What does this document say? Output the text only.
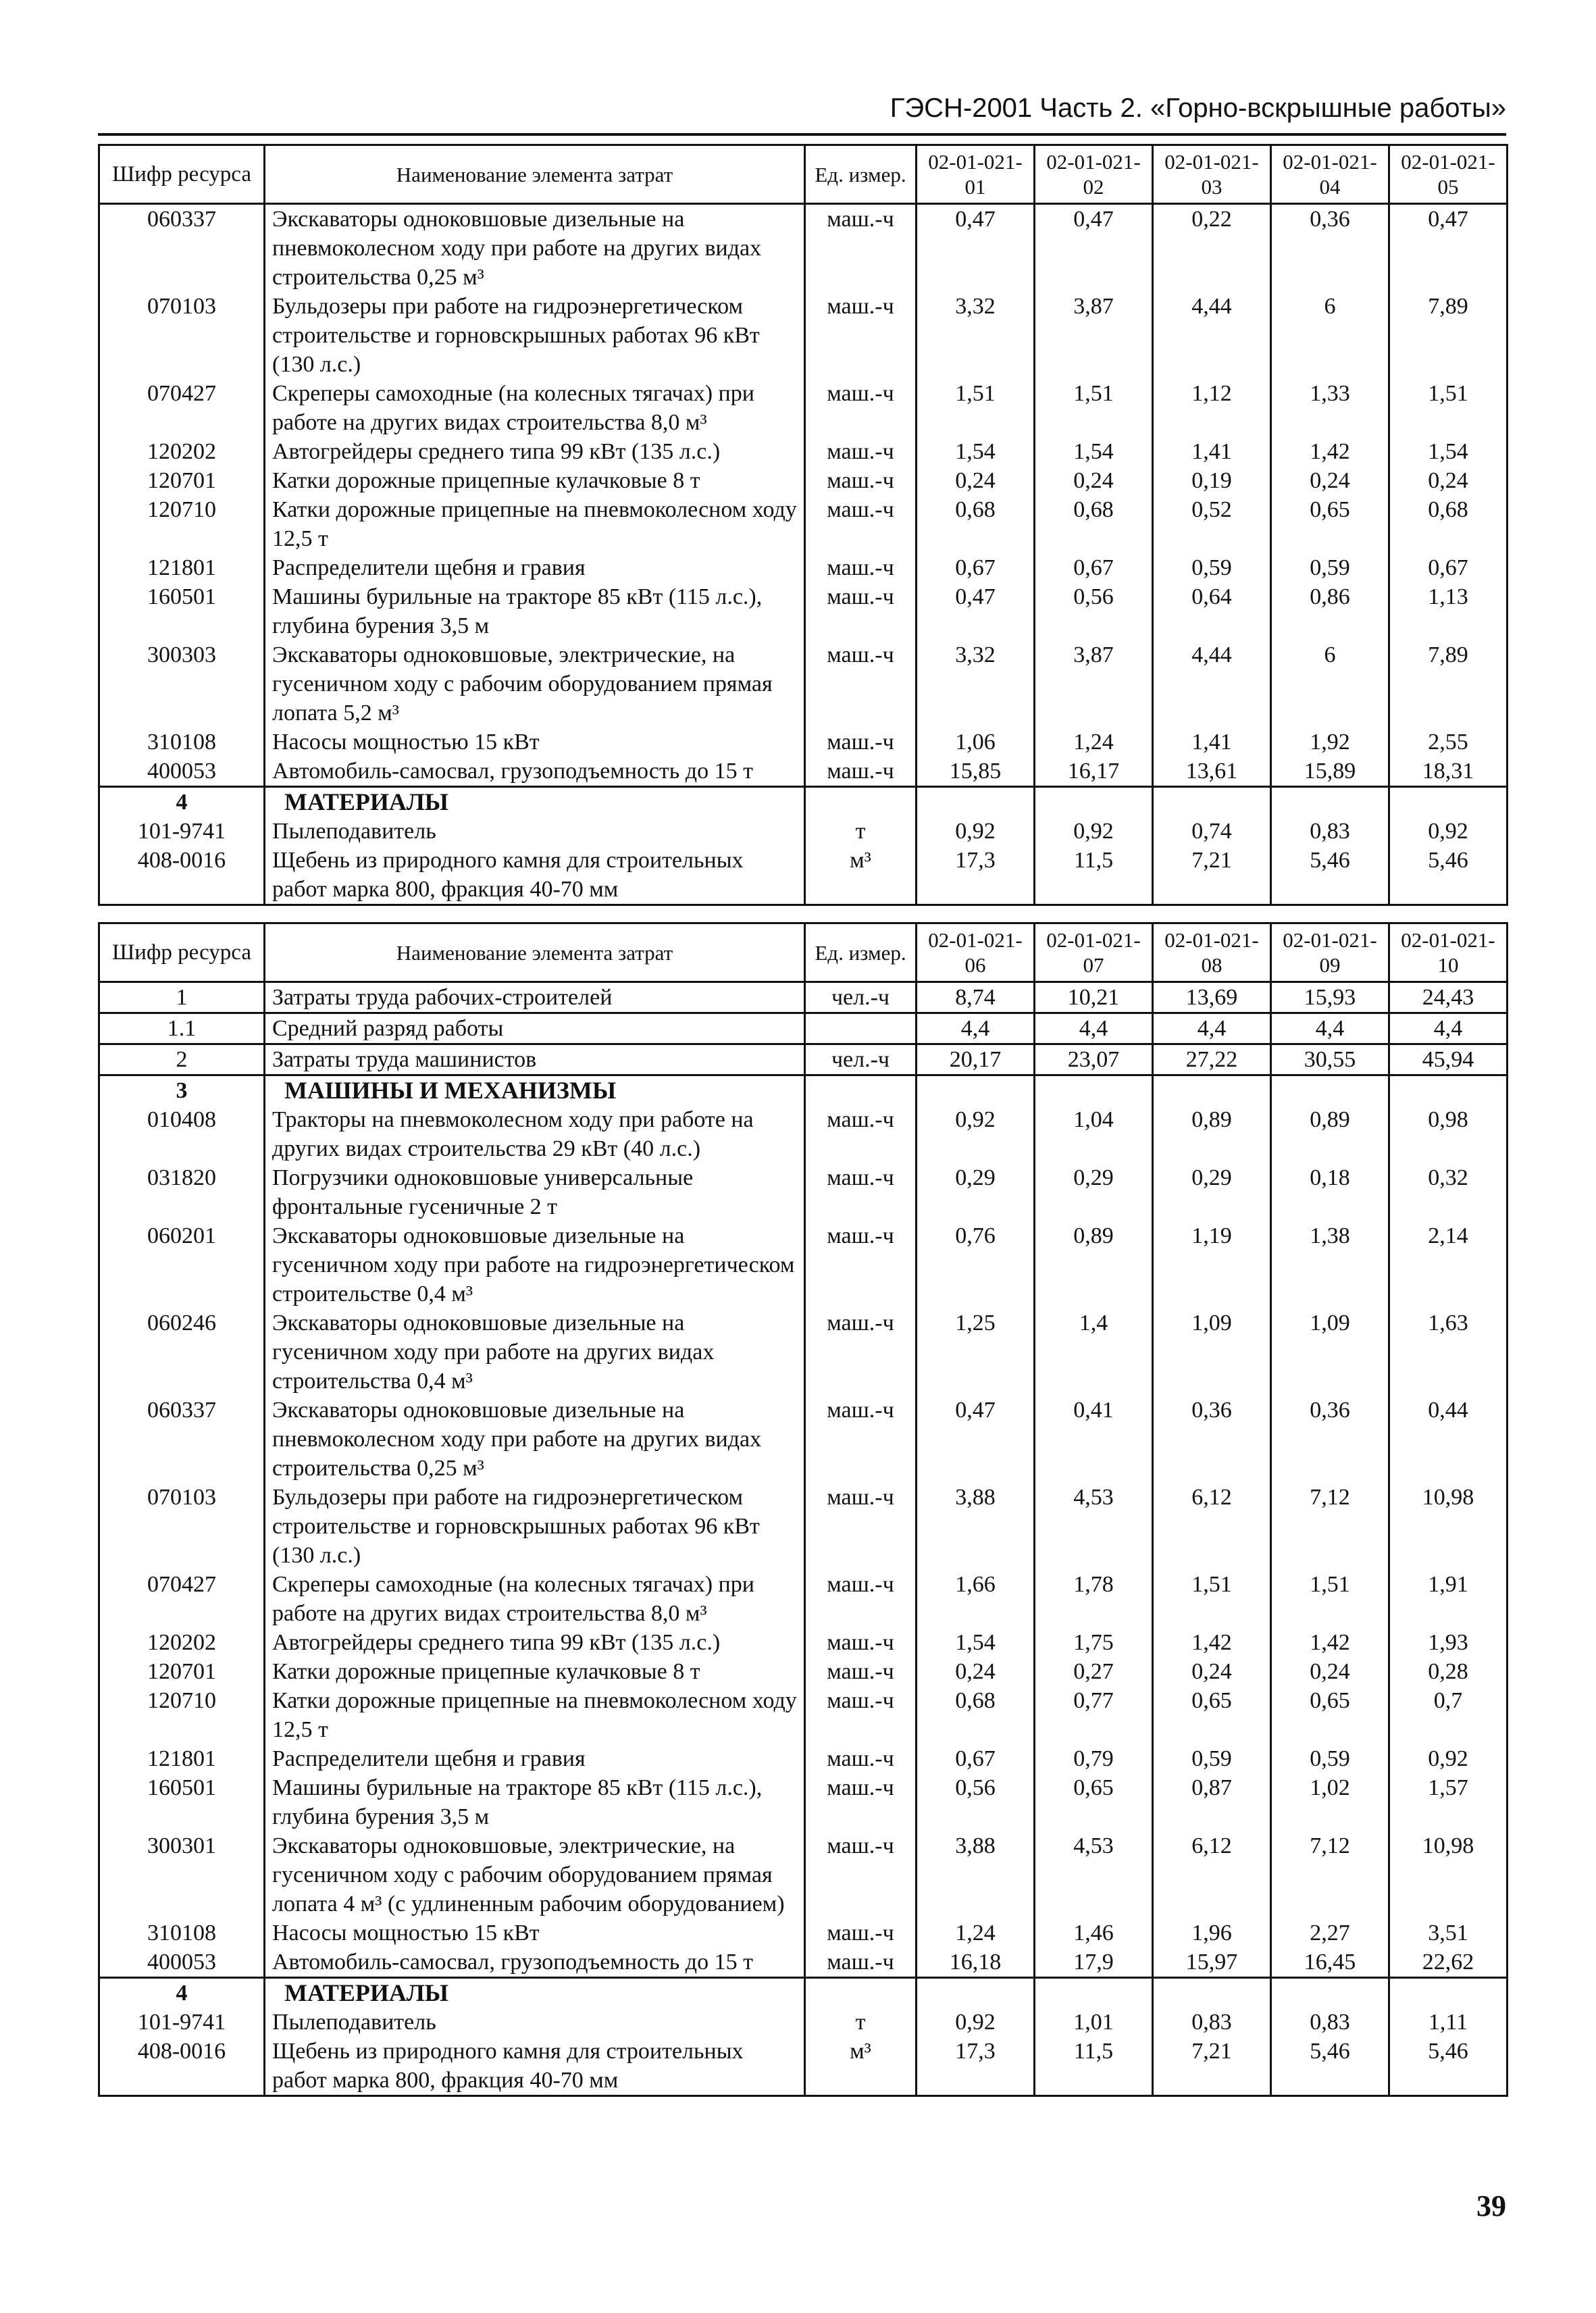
ГЭСН-2001 Часть 2. «Горно-вскрышные работы»
Шифр ресурса	Наименование элемента затрат	Ед. измер.	02-01-021-01	02-01-021-02	02-01-021-03	02-01-021-04	02-01-021-05
060337	Экскаваторы одноковшовые дизельные на пневмоколесном ходу при работе на других видах строительства 0,25 м³	маш.-ч	0,47	0,47	0,22	0,36	0,47
070103	Бульдозеры при работе на гидроэнергетическом строительстве и горновскрышных работах 96 кВт (130 л.с.)	маш.-ч	3,32	3,87	4,44	6	7,89
070427	Скреперы самоходные (на колесных тягачах) при работе на других видах строительства 8,0 м³	маш.-ч	1,51	1,51	1,12	1,33	1,51
120202	Автогрейдеры среднего типа 99 кВт (135 л.с.)	маш.-ч	1,54	1,54	1,41	1,42	1,54
120701	Катки дорожные прицепные кулачковые 8 т	маш.-ч	0,24	0,24	0,19	0,24	0,24
120710	Катки дорожные прицепные на пневмоколесном ходу 12,5 т	маш.-ч	0,68	0,68	0,52	0,65	0,68
121801	Распределители щебня и гравия	маш.-ч	0,67	0,67	0,59	0,59	0,67
160501	Машины бурильные на тракторе 85 кВт (115 л.с.), глубина бурения 3,5 м	маш.-ч	0,47	0,56	0,64	0,86	1,13
300303	Экскаваторы одноковшовые, электрические, на гусеничном ходу с рабочим оборудованием прямая лопата 5,2 м³	маш.-ч	3,32	3,87	4,44	6	7,89
310108	Насосы мощностью 15 кВт	маш.-ч	1,06	1,24	1,41	1,92	2,55
400053	Автомобиль-самосвал, грузоподъемность до 15 т	маш.-ч	15,85	16,17	13,61	15,89	18,31
4	МАТЕРИАЛЫ						
101-9741	Пылеподавитель	т	0,92	0,92	0,74	0,83	0,92
408-0016	Щебень из природного камня для строительных работ марка 800, фракция 40-70 мм	м³	17,3	11,5	7,21	5,46	5,46
Шифр ресурса	Наименование элемента затрат	Ед. измер.	02-01-021-06	02-01-021-07	02-01-021-08	02-01-021-09	02-01-021-10
1	Затраты труда рабочих-строителей	чел.-ч	8,74	10,21	13,69	15,93	24,43
1.1	Средний разряд работы		4,4	4,4	4,4	4,4	4,4
2	Затраты труда машинистов	чел.-ч	20,17	23,07	27,22	30,55	45,94
3	МАШИНЫ И МЕХАНИЗМЫ						
010408	Тракторы на пневмоколесном ходу при работе на других видах строительства 29 кВт (40 л.с.)	маш.-ч	0,92	1,04	0,89	0,89	0,98
031820	Погрузчики одноковшовые универсальные фронтальные гусеничные 2 т	маш.-ч	0,29	0,29	0,29	0,18	0,32
060201	Экскаваторы одноковшовые дизельные на гусеничном ходу при работе на гидроэнергетическом строительстве 0,4 м³	маш.-ч	0,76	0,89	1,19	1,38	2,14
060246	Экскаваторы одноковшовые дизельные на гусеничном ходу при работе на других видах строительства 0,4 м³	маш.-ч	1,25	1,4	1,09	1,09	1,63
060337	Экскаваторы одноковшовые дизельные на пневмоколесном ходу при работе на других видах строительства 0,25 м³	маш.-ч	0,47	0,41	0,36	0,36	0,44
070103	Бульдозеры при работе на гидроэнергетическом строительстве и горновскрышных работах 96 кВт (130 л.с.)	маш.-ч	3,88	4,53	6,12	7,12	10,98
070427	Скреперы самоходные (на колесных тягачах) при работе на других видах строительства 8,0 м³	маш.-ч	1,66	1,78	1,51	1,51	1,91
120202	Автогрейдеры среднего типа 99 кВт (135 л.с.)	маш.-ч	1,54	1,75	1,42	1,42	1,93
120701	Катки дорожные прицепные кулачковые 8 т	маш.-ч	0,24	0,27	0,24	0,24	0,28
120710	Катки дорожные прицепные на пневмоколесном ходу 12,5 т	маш.-ч	0,68	0,77	0,65	0,65	0,7
121801	Распределители щебня и гравия	маш.-ч	0,67	0,79	0,59	0,59	0,92
160501	Машины бурильные на тракторе 85 кВт (115 л.с.), глубина бурения 3,5 м	маш.-ч	0,56	0,65	0,87	1,02	1,57
300301	Экскаваторы одноковшовые, электрические, на гусеничном ходу с рабочим оборудованием прямая лопата 4 м³ (с удлиненным рабочим оборудованием)	маш.-ч	3,88	4,53	6,12	7,12	10,98
310108	Насосы мощностью 15 кВт	маш.-ч	1,24	1,46	1,96	2,27	3,51
400053	Автомобиль-самосвал, грузоподъемность до 15 т	маш.-ч	16,18	17,9	15,97	16,45	22,62
4	МАТЕРИАЛЫ						
101-9741	Пылеподавитель	т	0,92	1,01	0,83	0,83	1,11
408-0016	Щебень из природного камня для строительных работ марка 800, фракция 40-70 мм	м³	17,3	11,5	7,21	5,46	5,46
39
